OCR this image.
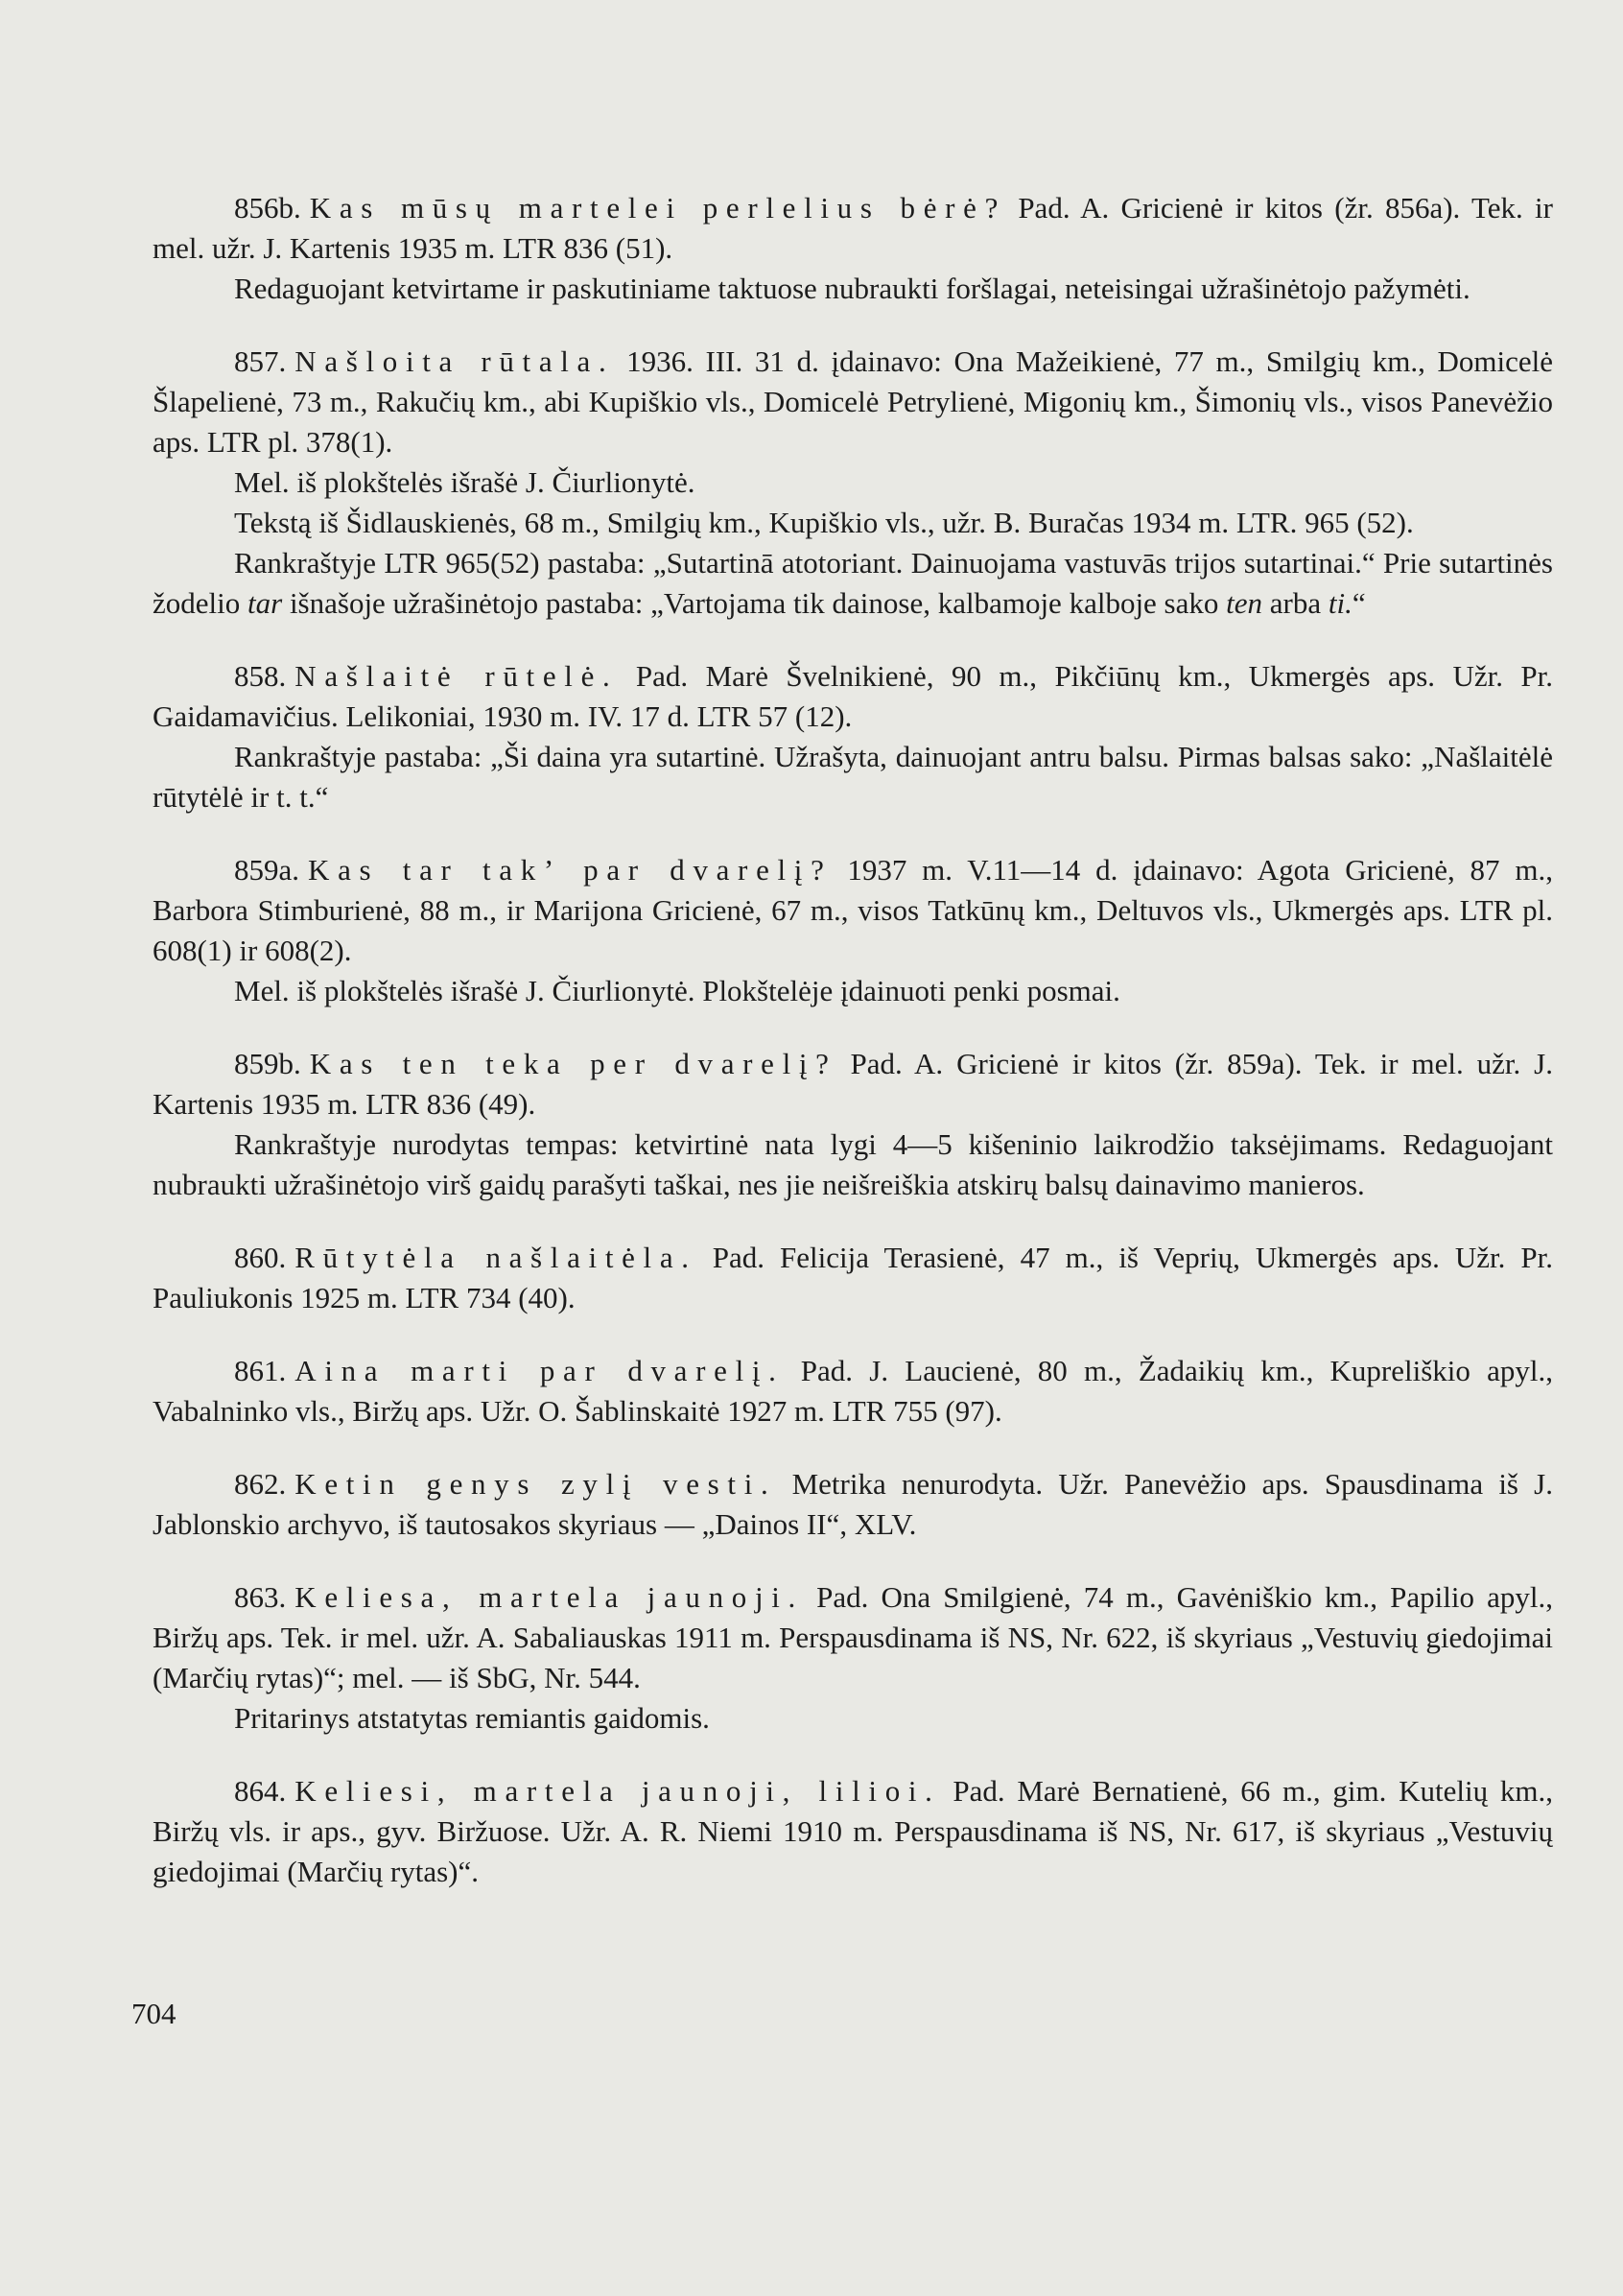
856b. Kas mūsų martelei perlelius bėrė? Pad. A. Gricienė ir kitos (žr. 856a). Tek. ir mel. užr. J. Kartenis 1935 m. LTR 836 (51).

Redaguojant ketvirtame ir paskutiniame taktuose nubraukti foršlagai, neteisingai užrašinėtojo pažymėti.

857. Našloita rūtala. 1936. III. 31 d. įdainavo: Ona Mažeikienė, 77 m., Smilgių km., Domicelė Šlapelienė, 73 m., Rakučių km., abi Kupiškio vls., Domicelė Petrylienė, Migonių km., Šimonių vls., visos Panevėžio aps. LTR pl. 378(1).

Mel. iš plokštelės išrašė J. Čiurlionytė.

Tekstą iš Šidlauskienės, 68 m., Smilgių km., Kupiškio vls., užr. B. Buračas 1934 m. LTR. 965 (52).

Rankraštyje LTR 965(52) pastaba: „Sutartinā atotoriant. Dainuojama vastuvās trijos sutartinai.“ Prie sutartinės žodelio tar išnašoje užrašinėtojo pastaba: „Vartojama tik dainose, kalbamoje kalboje sako ten arba ti.“

858. Našlaitė rūtelė. Pad. Marė Švelnikienė, 90 m., Pikčiūnų km., Ukmergės aps. Užr. Pr. Gaidamavičius. Lelikoniai, 1930 m. IV. 17 d. LTR 57 (12).

Rankraštyje pastaba: „Ši daina yra sutartinė. Užrašyta, dainuojant antru balsu. Pirmas balsas sako: „Našlaitėlė rūtytėlė ir t. t.“

859a. Kas tar tak’ par dvarelį? 1937 m. V.11—14 d. įdainavo: Agota Gricienė, 87 m., Barbora Stimburienė, 88 m., ir Marijona Gricienė, 67 m., visos Tatkūnų km., Deltuvos vls., Ukmergės aps. LTR pl. 608(1) ir 608(2).

Mel. iš plokštelės išrašė J. Čiurlionytė. Plokštelėje įdainuoti penki posmai.

859b. Kas ten teka per dvarelį? Pad. A. Gricienė ir kitos (žr. 859a). Tek. ir mel. užr. J. Kartenis 1935 m. LTR 836 (49).

Rankraštyje nurodytas tempas: ketvirtinė nata lygi 4—5 kišeninio laikrodžio taksėjimams. Redaguojant nubraukti užrašinėtojo virš gaidų parašyti taškai, nes jie neišreiškia atskirų balsų dainavimo manieros.

860. Rūtytėla našlaitėla. Pad. Felicija Terasienė, 47 m., iš Veprių, Ukmergės aps. Užr. Pr. Pauliukonis 1925 m. LTR 734 (40).

861. Aina marti par dvarelį. Pad. J. Laucienė, 80 m., Žadaikių km., Kupreliškio apyl., Vabalninko vls., Biržų aps. Užr. O. Šablinskaitė 1927 m. LTR 755 (97).

862. Ketin genys zylį vesti. Metrika nenurodyta. Užr. Panevėžio aps. Spausdinama iš J. Jablonskio archyvo, iš tautosakos skyriaus — „Dainos II“, XLV.

863. Keliesa, martela jaunoji. Pad. Ona Smilgienė, 74 m., Gavėniškio km., Papilio apyl., Biržų aps. Tek. ir mel. užr. A. Sabaliauskas 1911 m. Perspausdinama iš NS, Nr. 622, iš skyriaus „Vestuvių giedojimai (Marčių rytas)“; mel. — iš SbG, Nr. 544.

Pritarinys atstatytas remiantis gaidomis.

864. Keliesi, martela jaunoji, lilioi. Pad. Marė Bernatienė, 66 m., gim. Kutelių km., Biržų vls. ir aps., gyv. Biržuose. Užr. A. R. Niemi 1910 m. Perspausdinama iš NS, Nr. 617, iš skyriaus „Vestuvių giedojimai (Marčių rytas)“.

704
